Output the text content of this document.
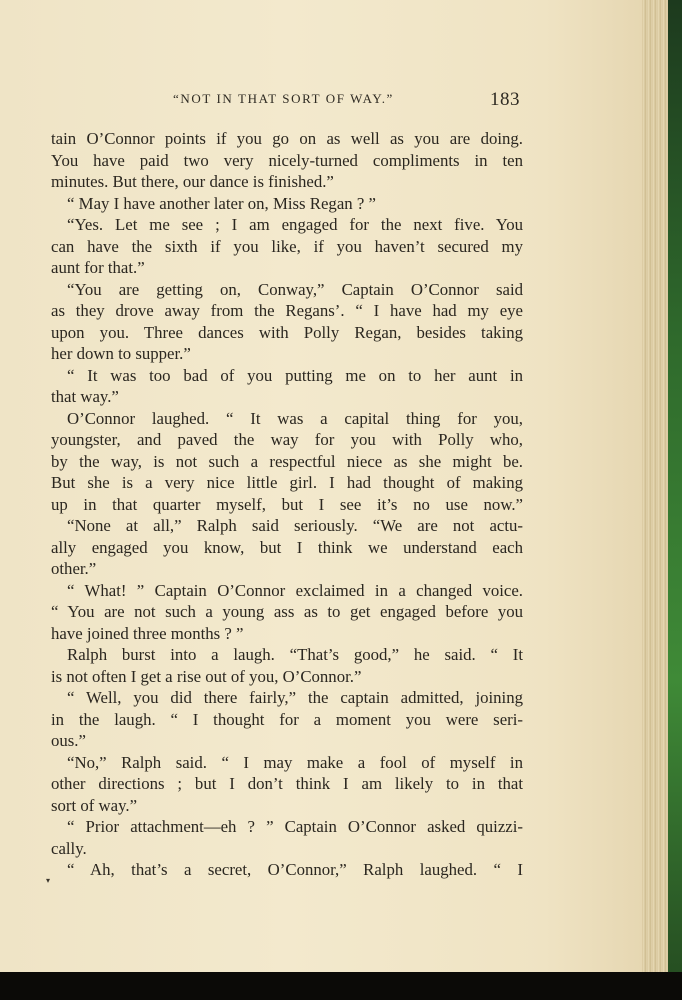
“NOT IN THAT SORT OF WAY.”	183
tain O’Connor points if you go on as well as you are doing.
You have paid two very nicely-turned compliments in ten
minutes. But there, our dance is finished.”
“ May I have another later on, Miss Regan ? ”
“Yes. Let me see ; I am engaged for the next five. You
can have the sixth if you like, if you haven’t secured my
aunt for that.”
“You are getting on, Conway,” Captain O’Connor said
as they drove away from the Regans’. “ I have had my eye
upon you. Three dances with Polly Regan, besides taking
her down to supper.”
“ It was too bad of you putting me on to her aunt in
that way.”
O’Connor laughed. “ It was a capital thing for you,
youngster, and paved the way for you with Polly who,
by the way, is not such a respectful niece as she might be.
But she is a very nice little girl. I had thought of making
up in that quarter myself, but I see it’s no use now.”
“None at all,” Ralph said seriously. “We are not actu-
ally engaged you know, but I think we understand each
other.”
“ What! ” Captain O’Connor exclaimed in a changed voice.
“ You are not such a young ass as to get engaged before you
have joined three months ? ”
Ralph burst into a laugh. “That’s good,” he said. “ It
is not often I get a rise out of you, O’Connor.”
“ Well, you did there fairly,” the captain admitted, joining
in the laugh. “ I thought for a moment you were seri-
ous.”
“No,” Ralph said. “ I may make a fool of myself in
other directions ; but I don’t think I am likely to in that
sort of way.”
“ Prior attachment—eh ? ” Captain O’Connor asked quizzi-
cally.
“ Ah, that’s a secret, O’Connor,” Ralph laughed. “ I
▾
